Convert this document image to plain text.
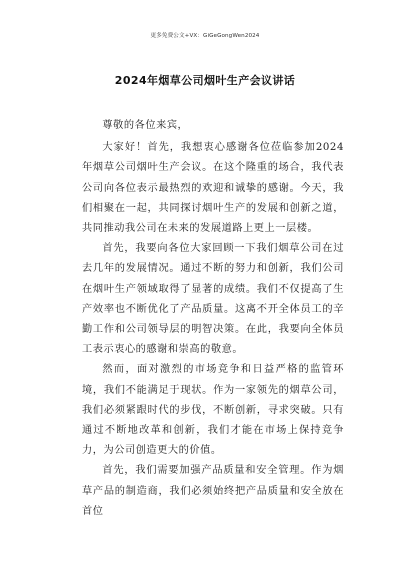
更多免费公文+VX：GiGeGongWen2024
2024年烟草公司烟叶生产会议讲话

尊敬的各位来宾，

大家好！首先，我想衷心感谢各位莅临参加2024年烟草公司烟叶生产会议。在这个隆重的场合，我代表公司向各位表示最热烈的欢迎和诚挚的感谢。今天，我们相聚在一起，共同探讨烟叶生产的发展和创新之道，共同推动我公司在未来的发展道路上更上一层楼。

首先，我要向各位大家回顾一下我们烟草公司在过去几年的发展情况。通过不断的努力和创新，我们公司在烟叶生产领域取得了显著的成绩。我们不仅提高了生产效率也不断优化了产品质量。这离不开全体员工的辛勤工作和公司领导层的明智决策。在此，我要向全体员工表示衷心的感谢和崇高的敬意。

然而，面对激烈的市场竞争和日益严格的监管环境，我们不能满足于现状。作为一家领先的烟草公司，我们必须紧跟时代的步伐，不断创新，寻求突破。只有通过不断地改革和创新，我们才能在市场上保持竞争力，为公司创造更大的价值。

首先，我们需要加强产品质量和安全管理。作为烟草产品的制造商，我们必须始终把产品质量和安全放在首位
